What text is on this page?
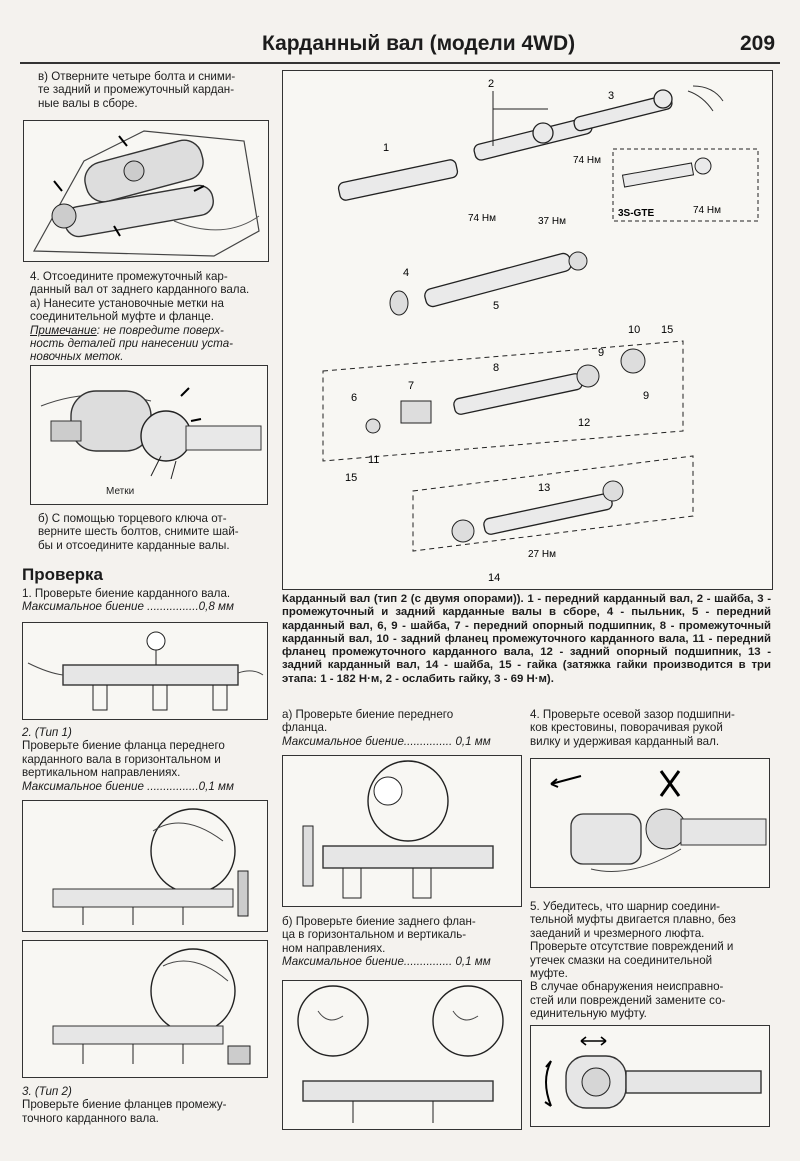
Карданный вал (модели 4WD)	209
в) Отверните четыре болта и сними-
те задний и промежуточный кардан-
ные валы в сборе.
4. Отсоедините промежуточный кар-
данный вал от заднего карданного вала.
а) Нанесите установочные метки на
соединительной муфте и фланце.
Примечание: не повредите поверх-
ность деталей при нанесении уста-
новочных меток.
Метки
б) С помощью торцевого ключа от-
верните шесть болтов, снимите шай-
бы и отсоедините карданные валы.
Проверка
1. Проверьте биение карданного вала.
Максимальное биение ................0,8 мм
2. (Тип 1)
Проверьте биение фланца переднего
карданного вала в горизонтальном и
вертикальном направлениях.
Максимальное биение ................0,1 мм
3. (Тип 2)
Проверьте биение фланцев промежу-
точного карданного вала.
1
2
3
74 Нм	37 Нм
74 Нм
3S-GTE	74 Нм
4
5
8
6
7
9
10 15
9
11
12
15
13
27 Нм
14
Карданный вал (тип 2 (с двумя опорами)). 1 - передний карданный вал, 2 - шайба, 3 - промежуточный и задний карданные валы в сборе, 4 - пыльник, 5 - передний карданный вал, 6, 9 - шайба, 7 - передний опорный подшипник, 8 - промежуточный карданный вал, 10 - задний фланец промежуточного карданного вала, 11 - передний фланец промежуточного карданного вала, 12 - задний опорный подшипник, 13 - задний карданный вал, 14 - шайба, 15 - гайка (затяжка гайки производится в три этапа: 1 - 182 Н·м, 2 - ослабить гайку, 3 - 69 Н·м).
а) Проверьте биение переднего
фланца.
Максимальное биение............... 0,1 мм
б) Проверьте биение заднего флан-
ца в горизонтальном и вертикаль-
ном направлениях.
Максимальное биение............... 0,1 мм
4. Проверьте осевой зазор подшипни-
ков крестовины, поворачивая рукой
вилку и удерживая карданный вал.
5. Убедитесь, что шарнир соедини-
тельной муфты двигается плавно, без
заеданий и чрезмерного люфта.
Проверьте отсутствие повреждений и
утечек смазки на соединительной
муфте.
В случае обнаружения неисправно-
стей или повреждений замените со-
единительную муфту.
